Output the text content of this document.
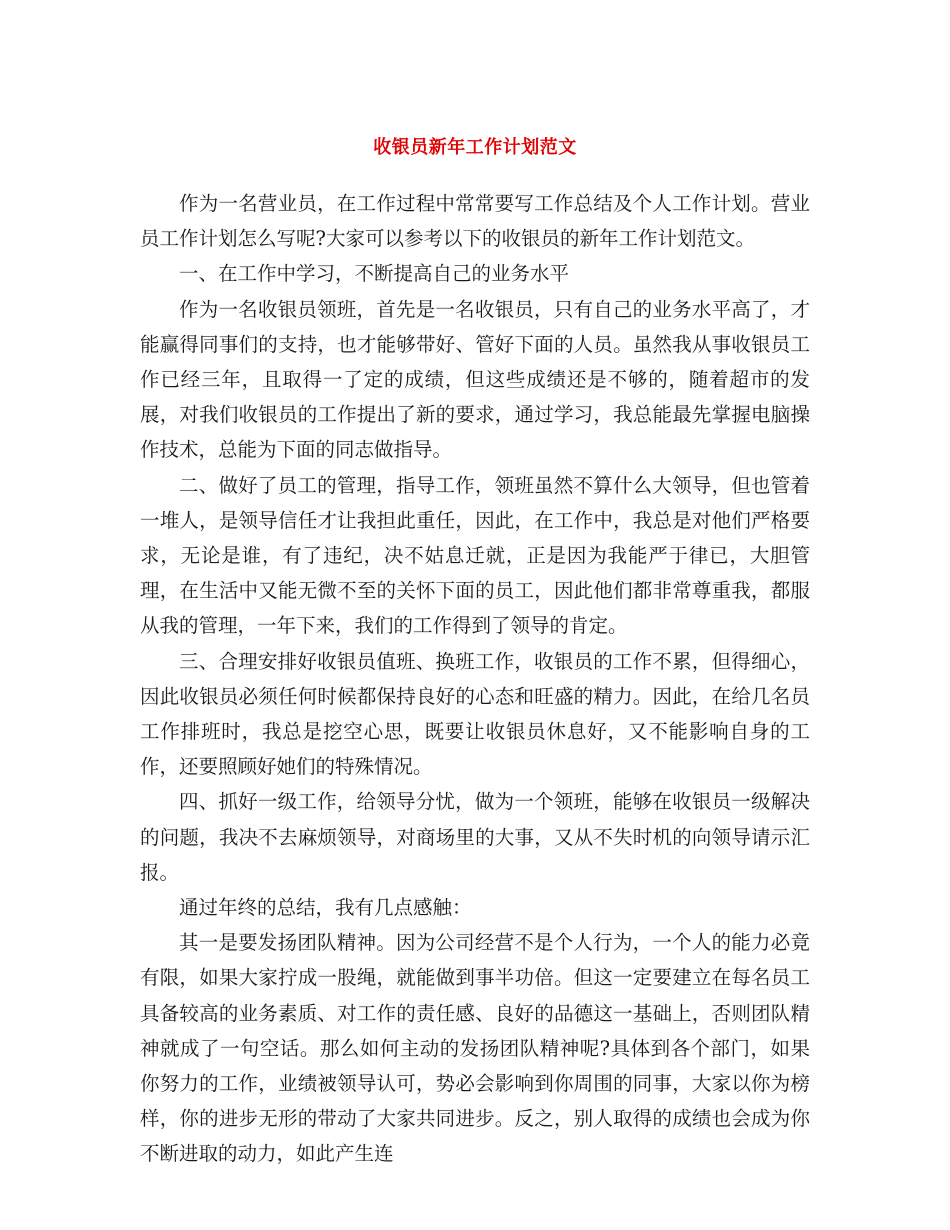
收银员新年工作计划范文

作为一名营业员，在工作过程中常常要写工作总结及个人工作计划。营业员工作计划怎么写呢?大家可以参考以下的收银员的新年工作计划范文。

一、在工作中学习，不断提高自己的业务水平

作为一名收银员领班，首先是一名收银员，只有自己的业务水平高了，才能赢得同事们的支持，也才能够带好、管好下面的人员。虽然我从事收银员工作已经三年，且取得一了定的成绩，但这些成绩还是不够的，随着超市的发展，对我们收银员的工作提出了新的要求，通过学习，我总能最先掌握电脑操作技术，总能为下面的同志做指导。

二、做好了员工的管理，指导工作，领班虽然不算什么大领导，但也管着一堆人，是领导信任才让我担此重任，因此，在工作中，我总是对他们严格要求，无论是谁，有了违纪，决不姑息迁就，正是因为我能严于律已，大胆管理，在生活中又能无微不至的关怀下面的员工，因此他们都非常尊重我，都服从我的管理，一年下来，我们的工作得到了领导的肯定。

三、合理安排好收银员值班、换班工作，收银员的工作不累，但得细心，因此收银员必须任何时候都保持良好的心态和旺盛的精力。因此，在给几名员工作排班时，我总是挖空心思，既要让收银员休息好，又不能影响自身的工作，还要照顾好她们的特殊情况。

四、抓好一级工作，给领导分忧，做为一个领班，能够在收银员一级解决的问题，我决不去麻烦领导，对商场里的大事，又从不失时机的向领导请示汇报。

通过年终的总结，我有几点感触：

其一是要发扬团队精神。因为公司经营不是个人行为，一个人的能力必竟有限，如果大家拧成一股绳，就能做到事半功倍。但这一定要建立在每名员工具备较高的业务素质、对工作的责任感、良好的品德这一基础上，否则团队精神就成了一句空话。那么如何主动的发扬团队精神呢?具体到各个部门，如果你努力的工作，业绩被领导认可，势必会影响到你周围的同事，大家以你为榜样，你的进步无形的带动了大家共同进步。反之，别人取得的成绩也会成为你不断进取的动力，如此产生连
